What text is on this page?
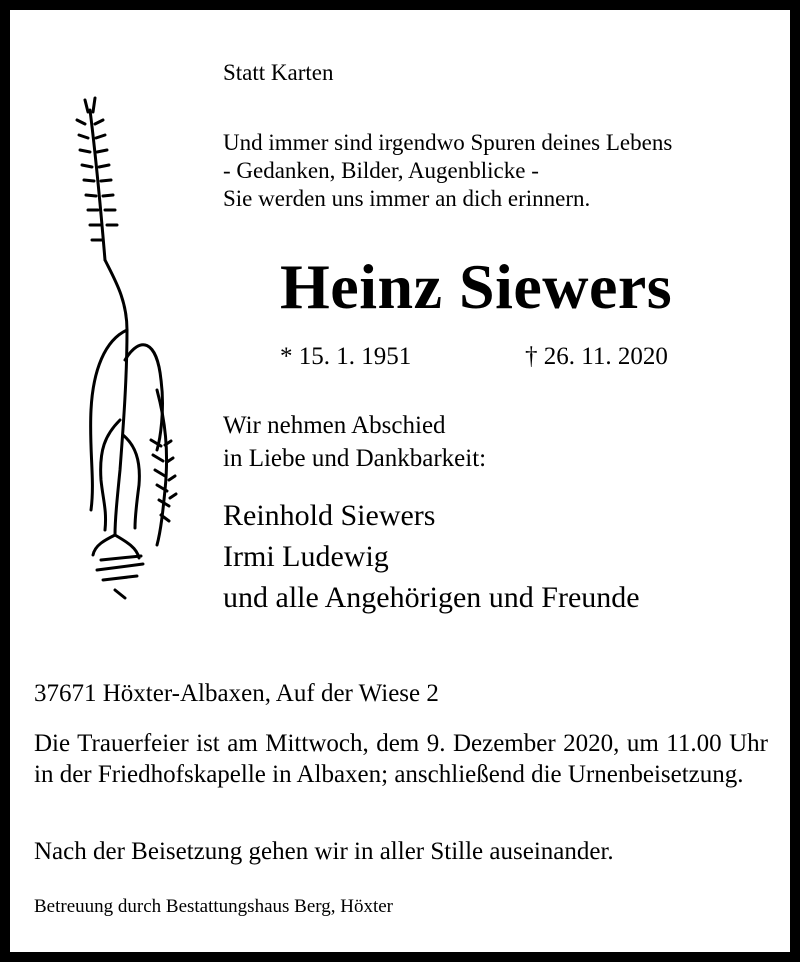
Statt Karten
Und immer sind irgendwo Spuren deines Lebens
- Gedanken, Bilder, Augenblicke -
Sie werden uns immer an dich erinnern.
Heinz Siewers
* 15. 1. 1951	† 26. 11. 2020
Wir nehmen Abschied
in Liebe und Dankbarkeit:
Reinhold Siewers
Irmi Ludewig
und alle Angehörigen und Freunde
37671 Höxter-Albaxen, Auf der Wiese 2
Die Trauerfeier ist am Mittwoch, dem 9. Dezember 2020, um 11.00 Uhr in der Friedhofskapelle in Albaxen; anschließend die Urnenbeisetzung.
Nach der Beisetzung gehen wir in aller Stille auseinander.
Betreuung durch Bestattungshaus Berg, Höxter
